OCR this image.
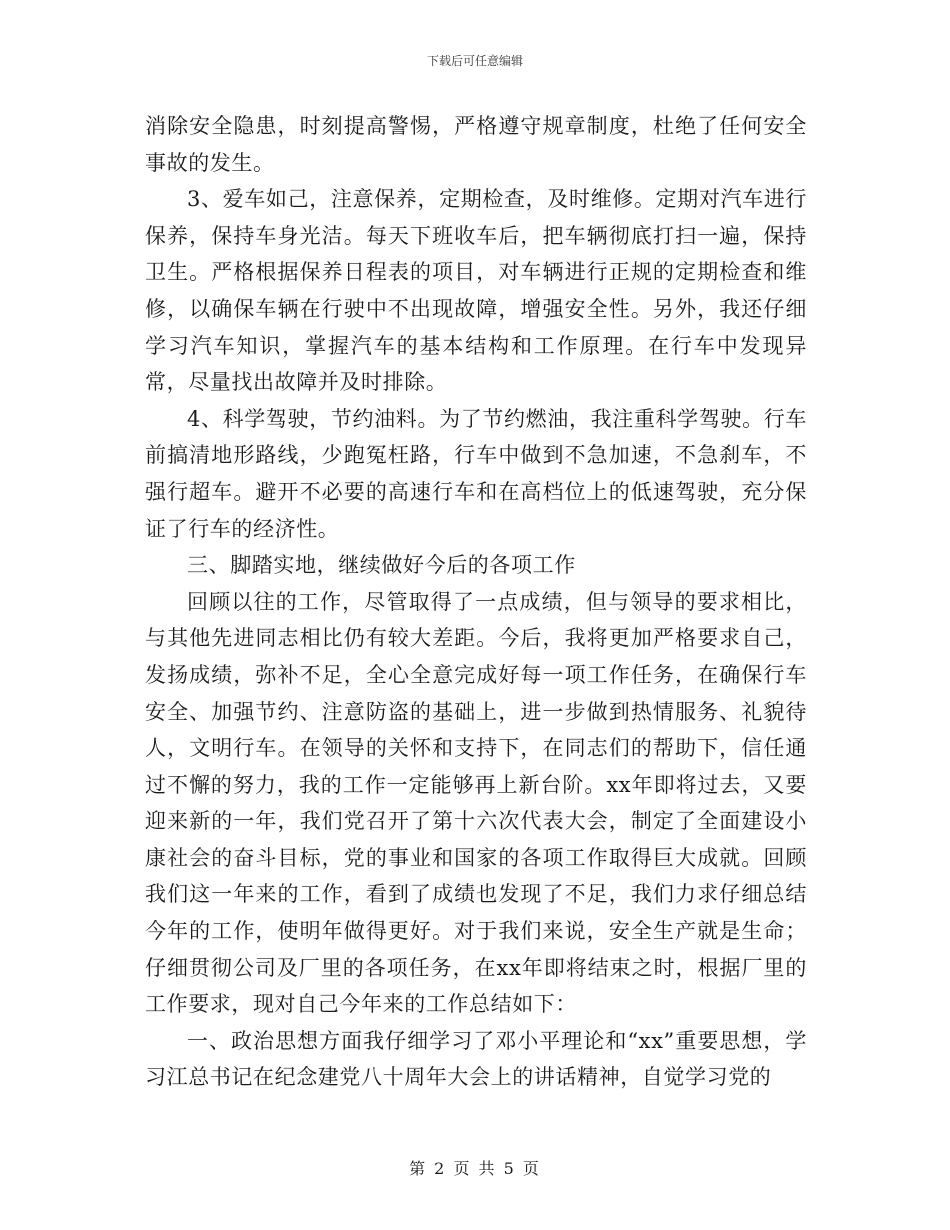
下载后可任意编辑

消除安全隐患，时刻提高警惕，严格遵守规章制度，杜绝了任何安全事故的发生。

3、爱车如己，注意保养，定期检查，及时维修。定期对汽车进行保养，保持车身光洁。每天下班收车后，把车辆彻底打扫一遍，保持卫生。严格根据保养日程表的项目，对车辆进行正规的定期检查和维修，以确保车辆在行驶中不出现故障，增强安全性。另外，我还仔细学习汽车知识，掌握汽车的基本结构和工作原理。在行车中发现异常，尽量找出故障并及时排除。

4、科学驾驶，节约油料。为了节约燃油，我注重科学驾驶。行车前搞清地形路线，少跑冤枉路，行车中做到不急加速，不急刹车，不强行超车。避开不必要的高速行车和在高档位上的低速驾驶，充分保证了行车的经济性。

三、脚踏实地，继续做好今后的各项工作

回顾以往的工作，尽管取得了一点成绩，但与领导的要求相比，与其他先进同志相比仍有较大差距。今后，我将更加严格要求自己，发扬成绩，弥补不足，全心全意完成好每一项工作任务，在确保行车安全、加强节约、注意防盗的基础上，进一步做到热情服务、礼貌待人，文明行车。在领导的关怀和支持下，在同志们的帮助下，信任通过不懈的努力，我的工作一定能够再上新台阶。xx年即将过去，又要迎来新的一年，我们党召开了第十六次代表大会，制定了全面建设小康社会的奋斗目标，党的事业和国家的各项工作取得巨大成就。回顾我们这一年来的工作，看到了成绩也发现了不足，我们力求仔细总结今年的工作，使明年做得更好。对于我们来说，安全生产就是生命；仔细贯彻公司及厂里的各项任务，在xx年即将结束之时，根据厂里的工作要求，现对自己今年来的工作总结如下：

一、政治思想方面我仔细学习了邓小平理论和“xx”重要思想，学习江总书记在纪念建党八十周年大会上的讲话精神，自觉学习党的

第 2 页 共 5 页
